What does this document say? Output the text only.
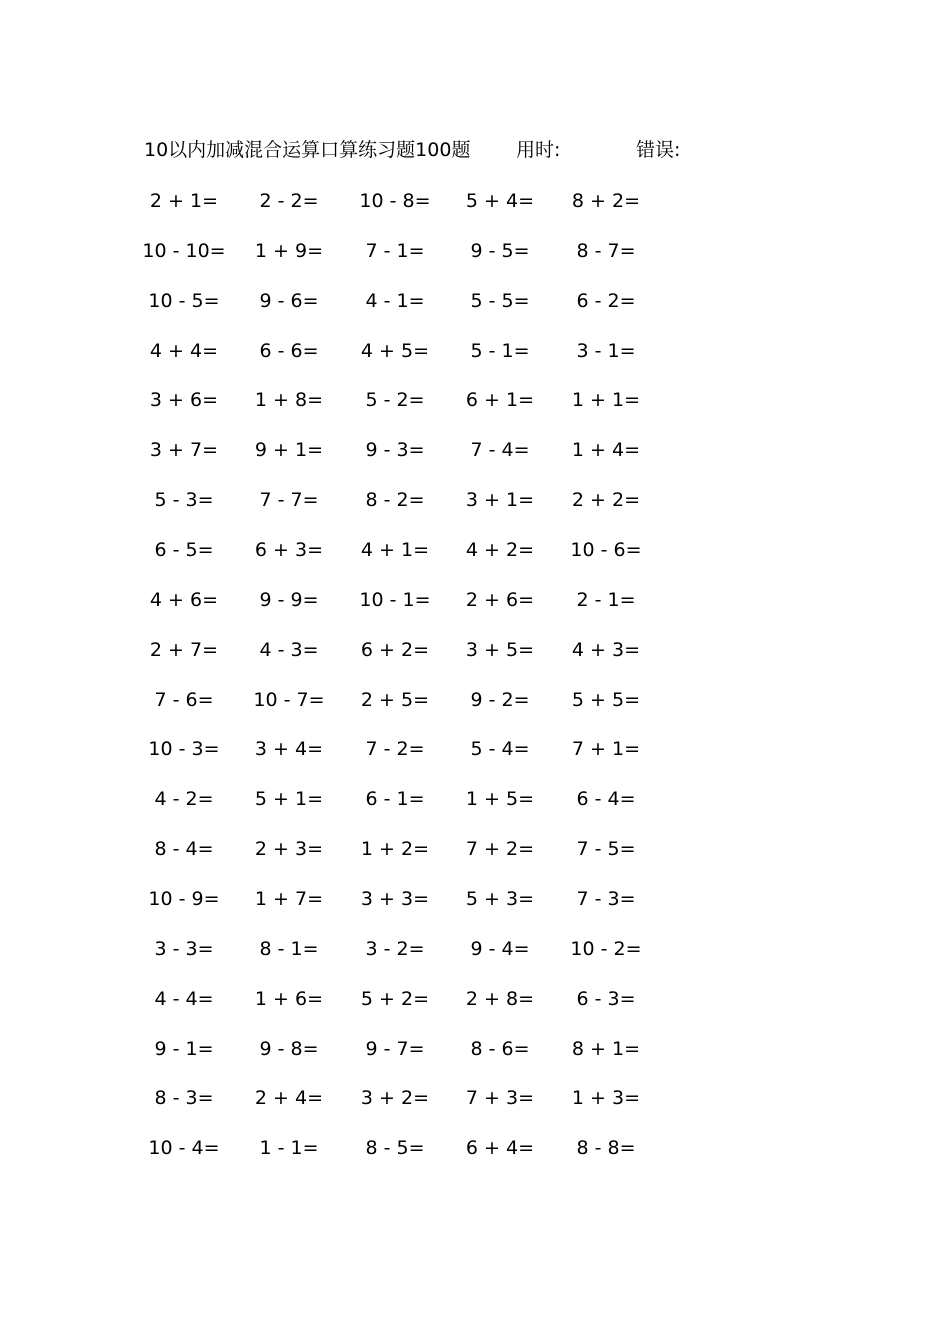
10以内加减混合运算口算练习题100题 用时:	错误:
2 + 1= 2 - 2= 10 - 8= 5 + 4= 8 + 2=
10 - 10= 1 + 9= 7 - 1= 9 - 5= 8 - 7=
10 - 5= 9 - 6= 4 - 1= 5 - 5= 6 - 2=
4 + 4= 6 - 6= 4 + 5= 5 - 1= 3 - 1=
3 + 6= 1 + 8= 5 - 2= 6 + 1= 1 + 1=
3 + 7= 9 + 1= 9 - 3= 7 - 4= 1 + 4=
5 - 3= 7 - 7= 8 - 2= 3 + 1= 2 + 2=
6 - 5= 6 + 3= 4 + 1= 4 + 2= 10 - 6=
4 + 6= 9 - 9= 10 - 1= 2 + 6= 2 - 1=
2 + 7= 4 - 3= 6 + 2= 3 + 5= 4 + 3=
7 - 6= 10 - 7= 2 + 5= 9 - 2= 5 + 5=
10 - 3= 3 + 4= 7 - 2= 5 - 4= 7 + 1=
4 - 2= 5 + 1= 6 - 1= 1 + 5= 6 - 4=
8 - 4= 2 + 3= 1 + 2= 7 + 2= 7 - 5=
10 - 9= 1 + 7= 3 + 3= 5 + 3= 7 - 3=
3 - 3= 8 - 1= 3 - 2= 9 - 4= 10 - 2=
4 - 4= 1 + 6= 5 + 2= 2 + 8= 6 - 3=
9 - 1= 9 - 8= 9 - 7= 8 - 6= 8 + 1=
8 - 3= 2 + 4= 3 + 2= 7 + 3= 1 + 3=
10 - 4= 1 - 1= 8 - 5= 6 + 4= 8 - 8=
